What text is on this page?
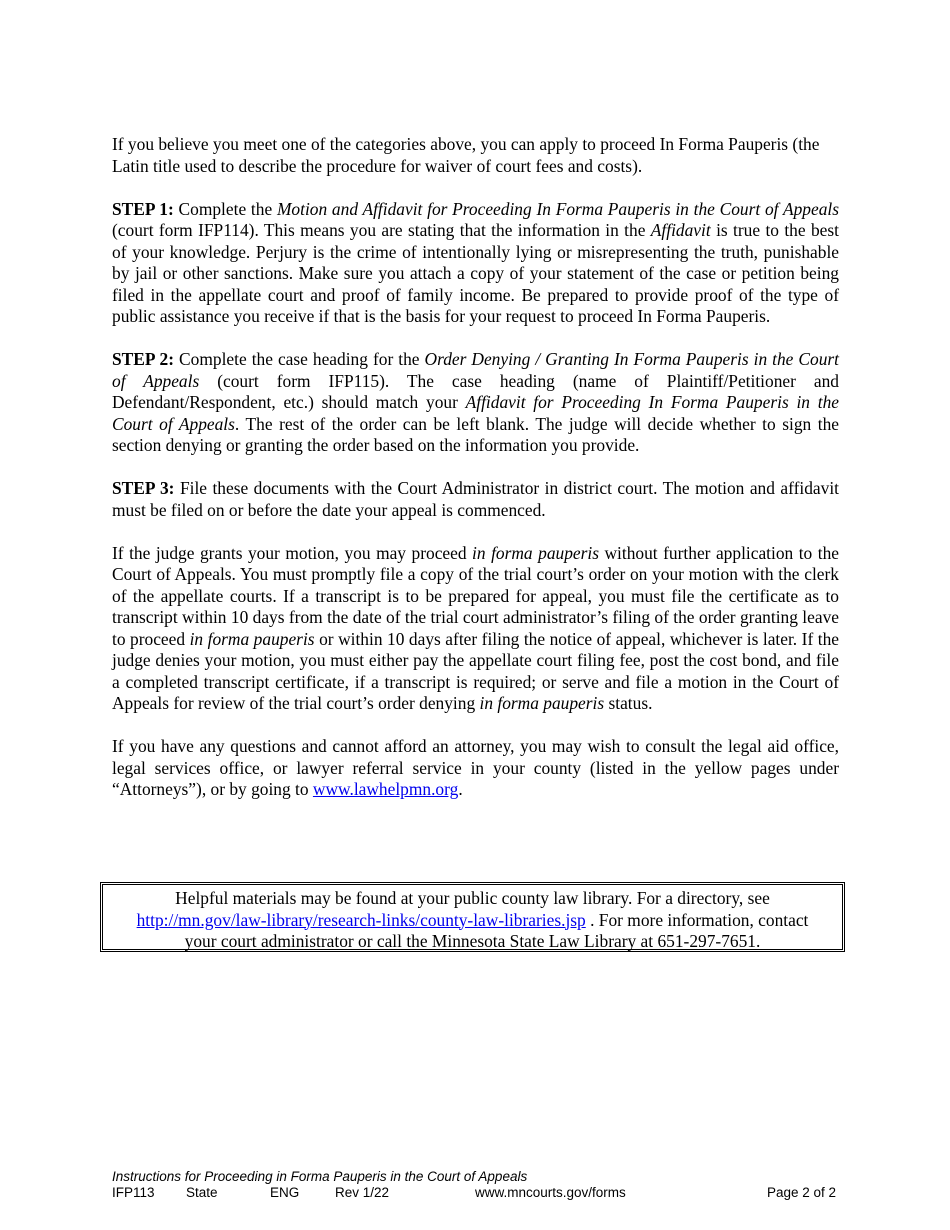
If you believe you meet one of the categories above, you can apply to proceed In Forma Pauperis (the Latin title used to describe the procedure for waiver of court fees and costs).

STEP 1: Complete the Motion and Affidavit for Proceeding In Forma Pauperis in the Court of Appeals (court form IFP114). This means you are stating that the information in the Affidavit is true to the best of your knowledge. Perjury is the crime of intentionally lying or misrepresenting the truth, punishable by jail or other sanctions. Make sure you attach a copy of your statement of the case or petition being filed in the appellate court and proof of family income. Be prepared to provide proof of the type of public assistance you receive if that is the basis for your request to proceed In Forma Pauperis.

STEP 2: Complete the case heading for the Order Denying / Granting In Forma Pauperis in the Court of Appeals (court form IFP115). The case heading (name of Plaintiff/Petitioner and Defendant/Respondent, etc.) should match your Affidavit for Proceeding In Forma Pauperis in the Court of Appeals. The rest of the order can be left blank. The judge will decide whether to sign the section denying or granting the order based on the information you provide.

STEP 3: File these documents with the Court Administrator in district court. The motion and affidavit must be filed on or before the date your appeal is commenced.

If the judge grants your motion, you may proceed in forma pauperis without further application to the Court of Appeals. You must promptly file a copy of the trial court’s order on your motion with the clerk of the appellate courts. If a transcript is to be prepared for appeal, you must file the certificate as to transcript within 10 days from the date of the trial court administrator’s filing of the order granting leave to proceed in forma pauperis or within 10 days after filing the notice of appeal, whichever is later. If the judge denies your motion, you must either pay the appellate court filing fee, post the cost bond, and file a completed transcript certificate, if a transcript is required; or serve and file a motion in the Court of Appeals for review of the trial court’s order denying in forma pauperis status.

If you have any questions and cannot afford an attorney, you may wish to consult the legal aid office, legal services office, or lawyer referral service in your county (listed in the yellow pages under “Attorneys”), or by going to www.lawhelpmn.org.

Helpful materials may be found at your public county law library. For a directory, see
http://mn.gov/law-library/research-links/county-law-libraries.jsp . For more information, contact
your court administrator or call the Minnesota State Law Library at 651-297-7651.
Instructions for Proceeding in Forma Pauperis in the Court of Appeals
IFP113 State	ENG	Rev 1/22	www.mncourts.gov/forms	Page 2 of 2
